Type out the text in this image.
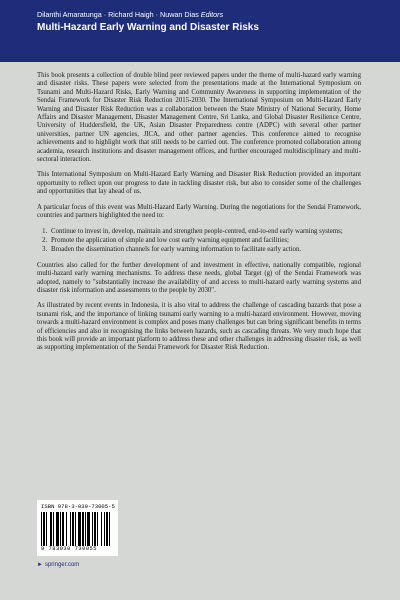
Dilanthi Amaratunga · Richard Haigh · Nuwan Dias Editors
Multi-Hazard Early Warning and Disaster Risks

This book presents a collection of double blind peer reviewed papers under the theme of multi-hazard early warning and disaster risks. These papers were selected from the presentations made at the International Symposium on Tsunami and Multi-Hazard Risks, Early Warning and Community Awareness in supporting implementation of the Sendai Framework for Disaster Risk Reduction 2015-2030. The International Symposium on Multi-Hazard Early Warning and Disaster Risk Reduction was a collaboration between the State Ministry of National Security, Home Affairs and Disaster Management, Disaster Management Centre, Sri Lanka, and Global Disaster Resilience Centre, University of Huddersfield, the UK, Asian Disaster Preparedness centre (ADPC) with several other partner universities, partner UN agencies, JICA, and other partner agencies. This conference aimed to recognise achievements and to highlight work that still needs to be carried out. The conference promoted collaboration among academia, research institutions and disaster management offices, and further encouraged multidisciplinary and multi-sectoral interaction.

This International Symposium on Multi-Hazard Early Warning and Disaster Risk Reduction provided an important opportunity to reflect upon our progress to date in tackling disaster risk, but also to consider some of the challenges and opportunities that lay ahead of us.

A particular focus of this event was Multi-Hazard Early Warning. During the negotiations for the Sendai Framework, countries and partners highlighted the need to:

1. Continue to invest in, develop, maintain and strengthen people-centred, end-to-end early warning systems;
2. Promote the application of simple and low cost early warning equipment and facilities;
3. Broaden the dissemination channels for early warning information to facilitate early action.

Countries also called for the further development of and investment in effective, nationally compatible, regional multi-hazard early warning mechanisms. To address these needs, global Target (g) of the Sendai Framework was adopted, namely to "substantially increase the availability of and access to multi-hazard early warning systems and disaster risk information and assessments to the people by 2030".

As illustrated by recent events in Indonesia, it is also vital to address the challenge of cascading hazards that pose a tsunami risk, and the importance of linking tsunami early warning to a multi-hazard environment. However, moving towards a multi-hazard environment is complex and poses many challenges but can bring significant benefits in terms of efficiencies and also in recognising the links between hazards, such as cascading threats. We very much hope that this book will provide an important platform to address these and other challenges in addressing disaster risk, as well as supporting implementation of the Sendai Framework for Disaster Risk Reduction.

ISBN 978-3-030-73005-5
9 783030 730055
► springer.com
